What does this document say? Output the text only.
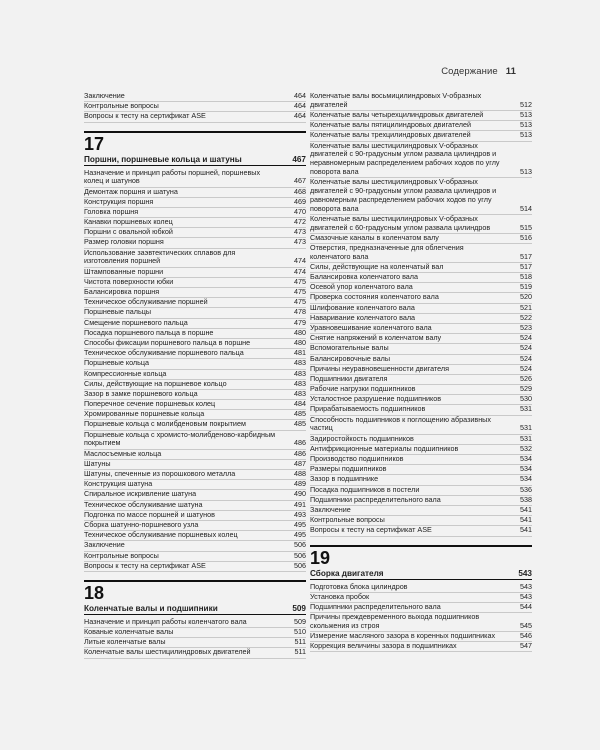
Содержание 11
Заключение	464
Контрольные вопросы	464
Вопросы к тесту на сертификат ASE	464
17
Поршни, поршневые кольца и шатуны	467
Назначение и принцип работы поршней, поршневых колец и шатунов	467
Демонтаж поршня и шатуна	468
Конструкция поршня	469
Головка поршня	470
Канавки поршневых колец	472
Поршни с овальной юбкой	473
Размер головки поршня	473
Использование заэвтектических сплавов для изготовления поршней	474
Штампованные поршни	474
Чистота поверхности юбки	475
Балансировка поршня	475
Техническое обслуживание поршней	475
Поршневые пальцы	478
Смещение поршневого пальца	479
Посадка поршневого пальца в поршне	480
Способы фиксации поршневого пальца в поршне	480
Техническое обслуживание поршневого пальца	481
Поршневые кольца	483
Компрессионные кольца	483
Силы, действующие на поршневое кольцо	483
Зазор в замке поршневого кольца	483
Поперечное сечение поршневых колец	484
Хромированные поршневые кольца	485
Поршневые кольца с молибденовым покрытием	485
Поршневые кольца с хромисто-молибденово-карбидным покрытием	486
Маслосъемные кольца	486
Шатуны	487
Шатуны, спеченные из порошкового металла	488
Конструкция шатуна	489
Спиральное искривление шатуна	490
Техническое обслуживание шатуна	491
Подгонка по массе поршней и шатунов	493
Сборка шатунно-поршневого узла	495
Техническое обслуживание поршневых колец	495
Заключение	506
Контрольные вопросы	506
Вопросы к тесту на сертификат ASE	506
18
Коленчатые валы и подшипники	509
Назначение и принцип работы коленчатого вала	509
Кованые коленчатые валы	510
Литые коленчатые валы	511
Коленчатые валы шестицилиндровых двигателей	511
Коленчатые валы восьмицилиндровых V-образных двигателей	512
Коленчатые валы четырехцилиндровых двигателей	513
Коленчатые валы пятицилиндровых двигателей	513
Коленчатые валы трехцилиндровых двигателей	513
Коленчатые валы шестицилиндровых V-образных двигателей с 90-градусным углом развала цилиндров и неравномерным распределением рабочих ходов по углу поворота вала	513
Коленчатые валы шестицилиндровых V-образных двигателей с 90-градусным углом развала цилиндров и равномерным распределением рабочих ходов по углу поворота вала	514
Коленчатые валы шестицилиндровых V-образных двигателей с 60-градусным углом развала цилиндров	515
Смазочные каналы в коленчатом валу	516
Отверстия, предназначенные для облегчения коленчатого вала	517
Силы, действующие на коленчатый вал	517
Балансировка коленчатого вала	518
Осевой упор коленчатого вала	519
Проверка состояния коленчатого вала	520
Шлифование коленчатого вала	521
Наваривание коленчатого вала	522
Уравновешивание коленчатого вала	523
Снятие напряжений в коленчатом валу	524
Вспомогательные валы	524
Балансировочные валы	524
Причины неуравновешенности двигателя	524
Подшипники двигателя	526
Рабочие нагрузки подшипников	529
Усталостное разрушение подшипников	530
Прирабатываемость подшипников	531
Способность подшипников к поглощению абразивных частиц	531
Задиростойкость подшипников	531
Антифрикционные материалы подшипников	532
Производство подшипников	534
Размеры подшипников	534
Зазор в подшипнике	534
Посадка подшипников в постели	536
Подшипники распределительного вала	538
Заключение	541
Контрольные вопросы	541
Вопросы к тесту на сертификат ASE	541
19
Сборка двигателя	543
Подготовка блока цилиндров	543
Установка пробок	543
Подшипники распределительного вала	544
Причины преждевременного выхода подшипников скольжения из строя	545
Измерение масляного зазора в коренных подшипниках	546
Коррекция величины зазора в подшипниках	547
